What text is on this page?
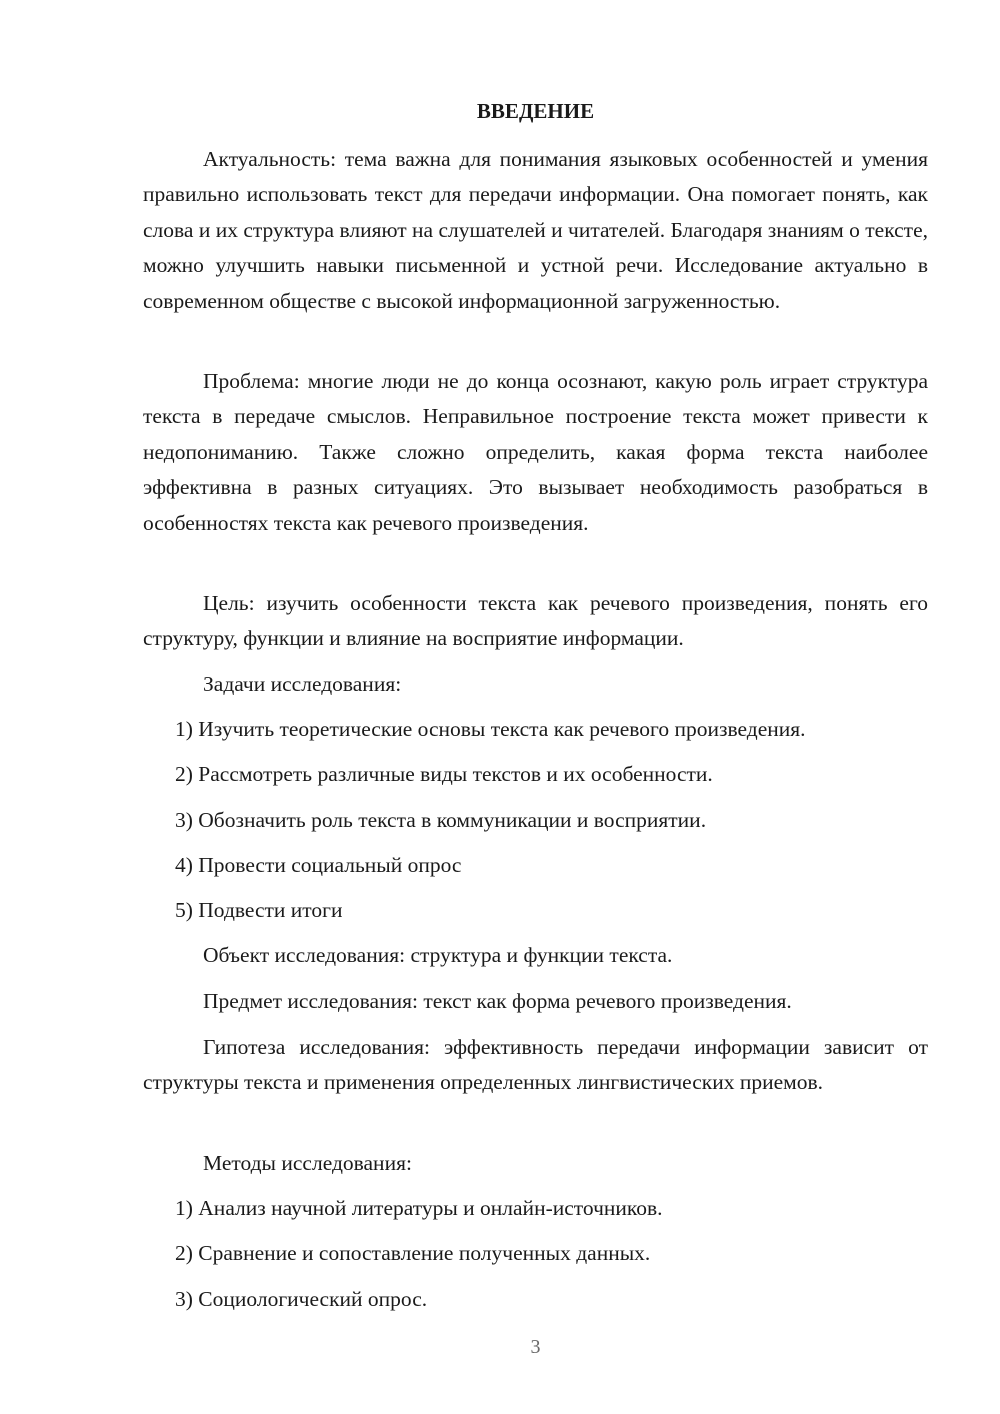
ВВЕДЕНИЕ

Актуальность: тема важна для понимания языковых особенностей и умения правильно использовать текст для передачи информации. Она помогает понять, как слова и их структура влияют на слушателей и читателей. Благодаря знаниям о тексте, можно улучшить навыки письменной и устной речи. Исследование актуально в современном обществе с высокой информационной загруженностью.

Проблема: многие люди не до конца осознают, какую роль играет структура текста в передаче смыслов. Неправильное построение текста может привести к недопониманию. Также сложно определить, какая форма текста наиболее эффективна в разных ситуациях. Это вызывает необходимость разобраться в особенностях текста как речевого произведения.

Цель: изучить особенности текста как речевого произведения, понять его структуру, функции и влияние на восприятие информации.

Задачи исследования:

1) Изучить теоретические основы текста как речевого произведения.

2) Рассмотреть различные виды текстов и их особенности.

3) Обозначить роль текста в коммуникации и восприятии.

4) Провести социальный опрос

5) Подвести итоги

Объект исследования: структура и функции текста.

Предмет исследования: текст как форма речевого произведения.

Гипотеза исследования: эффективность передачи информации зависит от структуры текста и применения определенных лингвистических приемов.

Методы исследования:

1) Анализ научной литературы и онлайн-источников.

2) Сравнение и сопоставление полученных данных.

3) Социологический опрос.

3
